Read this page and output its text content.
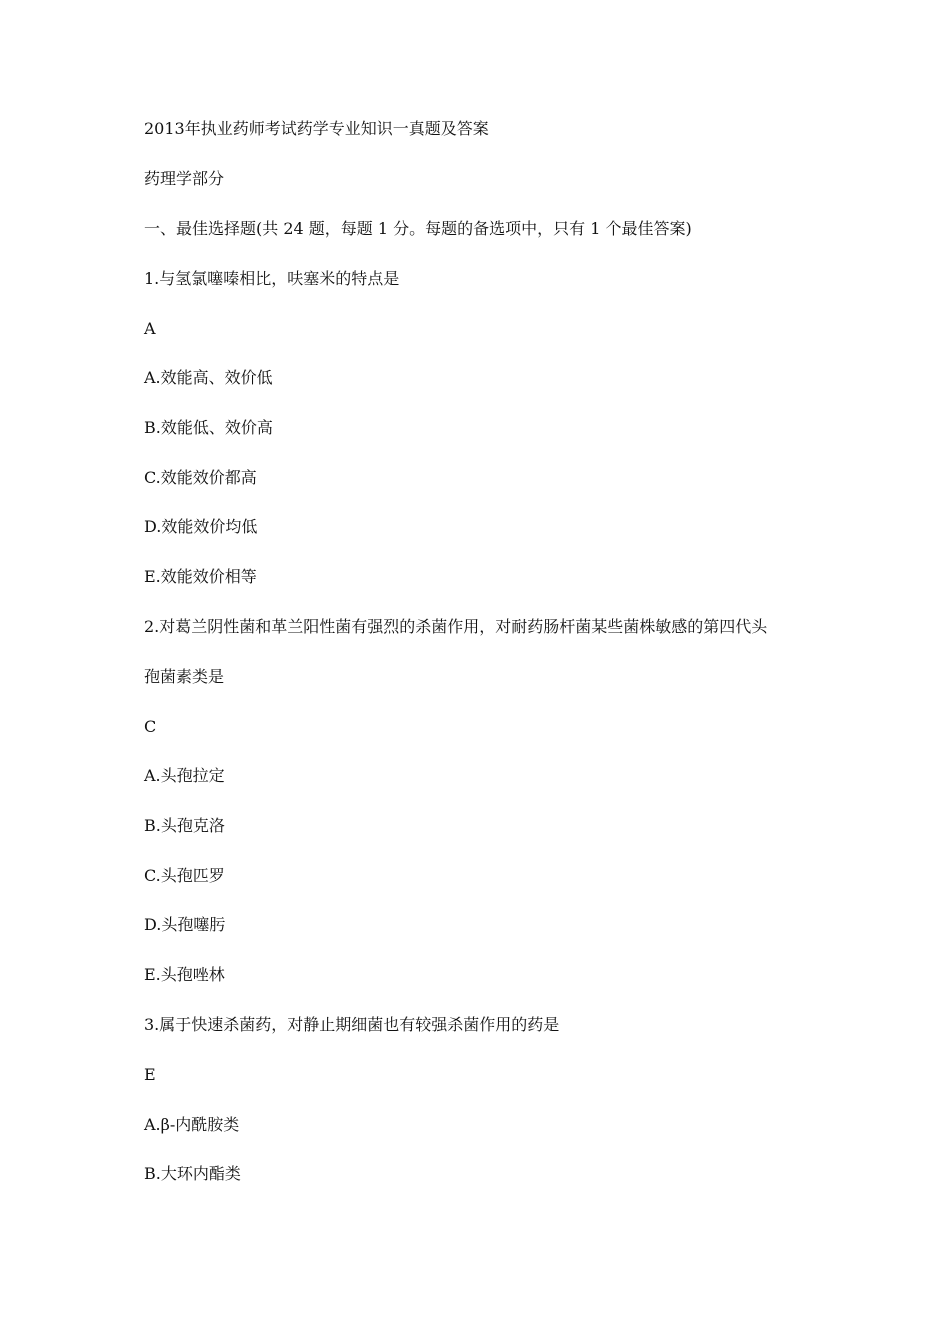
2013年执业药师考试药学专业知识一真题及答案
药理学部分
一、最佳选择题(共 24 题，每题 1 分。每题的备选项中，只有 1 个最佳答案)
1.与氢氯噻嗪相比，呋塞米的特点是
A
A.效能高、效价低
B.效能低、效价高
C.效能效价都高
D.效能效价均低
E.效能效价相等
2.对葛兰阴性菌和革兰阳性菌有强烈的杀菌作用，对耐药肠杆菌某些菌株敏感的第四代头
孢菌素类是
C
A.头孢拉定
B.头孢克洛
C.头孢匹罗
D.头孢噻肟
E.头孢唑林
3.属于快速杀菌药，对静止期细菌也有较强杀菌作用的药是
E
A.β-内酰胺类
B.大环内酯类
